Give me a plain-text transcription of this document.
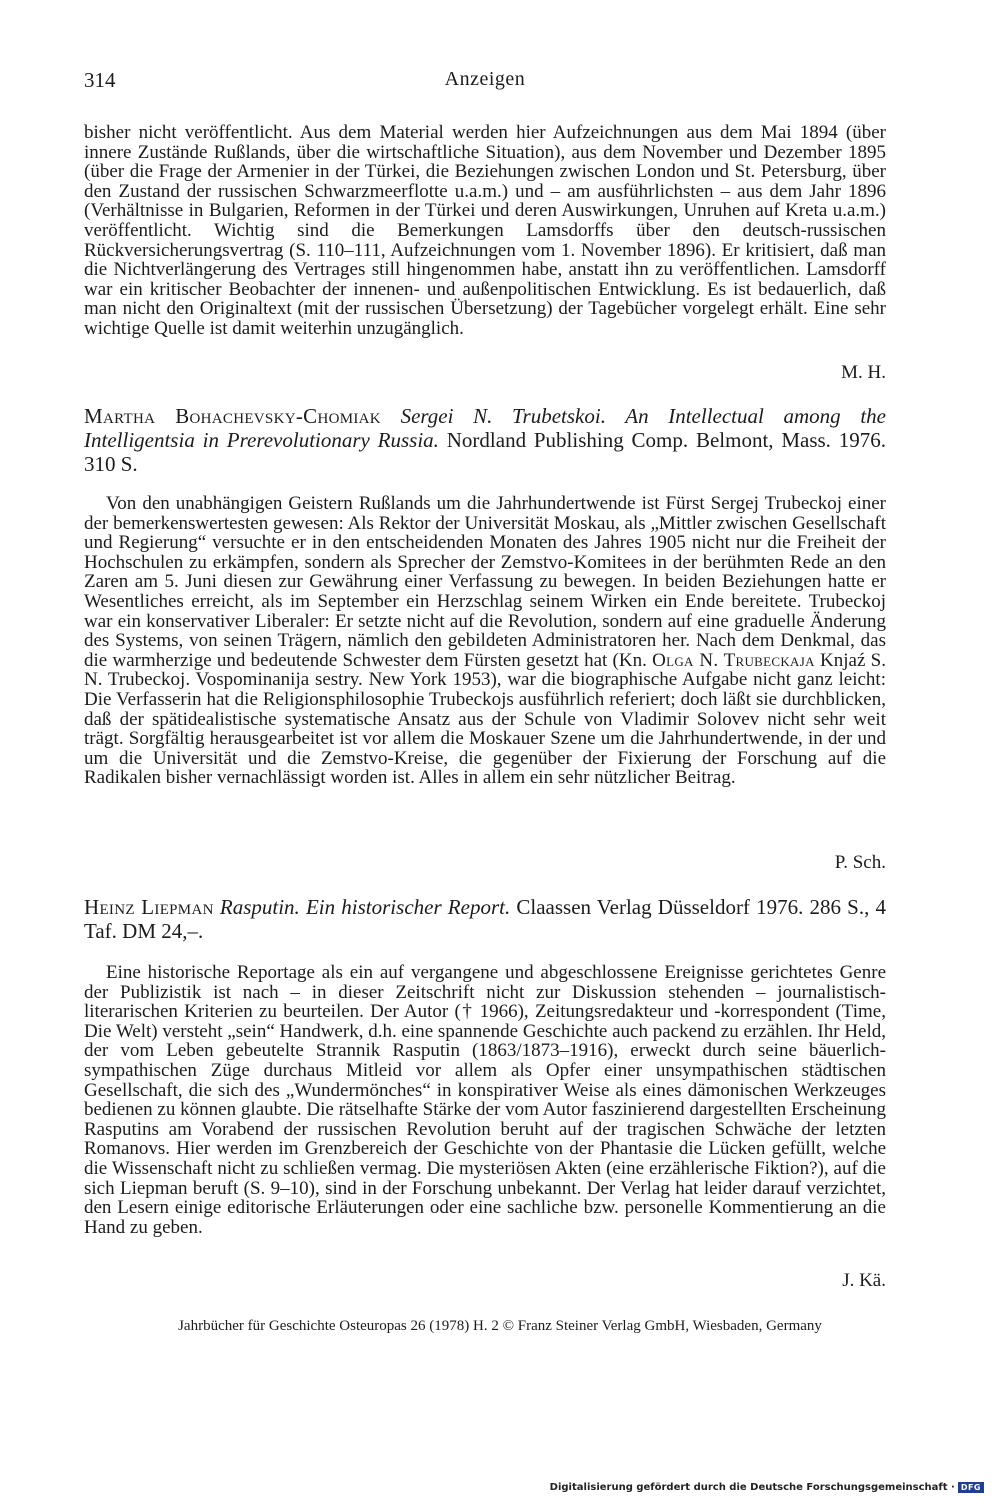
314	Anzeigen

bisher nicht veröffentlicht. Aus dem Material werden hier Aufzeichnungen aus dem Mai 1894 (über innere Zustände Rußlands, über die wirtschaftliche Situation), aus dem November und Dezember 1895 (über die Frage der Armenier in der Türkei, die Beziehungen zwischen London und St. Petersburg, über den Zustand der russischen Schwarzmeerflotte u.a.m.) und – am ausführlichsten – aus dem Jahr 1896 (Verhältnisse in Bulgarien, Reformen in der Türkei und deren Auswirkungen, Unruhen auf Kreta u.a.m.) veröffentlicht. Wichtig sind die Bemerkungen Lamsdorffs über den deutsch-russischen Rückversicherungsvertrag (S. 110–111, Aufzeichnungen vom 1. November 1896). Er kritisiert, daß man die Nichtverlängerung des Vertrages still hingenommen habe, anstatt ihn zu veröffentlichen. Lamsdorff war ein kritischer Beobachter der innenen- und außenpolitischen Entwicklung. Es ist bedauerlich, daß man nicht den Originaltext (mit der russischen Übersetzung) der Tagebücher vorgelegt erhält. Eine sehr wichtige Quelle ist damit weiterhin unzugänglich.

M. H.

Martha Bohachevsky-Chomiak Sergei N. Trubetskoi. An Intellectual among the Intelligentsia in Prerevolutionary Russia. Nordland Publishing Comp. Belmont, Mass. 1976. 310 S.

Von den unabhängigen Geistern Rußlands um die Jahrhundertwende ist Fürst Sergej Trubeckoj einer der bemerkenswertesten gewesen: Als Rektor der Universität Moskau, als „Mittler zwischen Gesellschaft und Regierung“ versuchte er in den entscheidenden Monaten des Jahres 1905 nicht nur die Freiheit der Hochschulen zu erkämpfen, sondern als Sprecher der Zemstvo-Komitees in der berühmten Rede an den Zaren am 5. Juni diesen zur Gewährung einer Verfassung zu bewegen. In beiden Beziehungen hatte er Wesentliches erreicht, als im September ein Herzschlag seinem Wirken ein Ende bereitete. Trubeckoj war ein konservativer Liberaler: Er setzte nicht auf die Revolution, sondern auf eine graduelle Änderung des Systems, von seinen Trägern, nämlich den gebildeten Administratoren her. Nach dem Denkmal, das die warmherzige und bedeutende Schwester dem Fürsten gesetzt hat (Kn. Olga N. Trubeckaja Knjaź S. N. Trubeckoj. Vospominanija sestry. New York 1953), war die biographische Aufgabe nicht ganz leicht: Die Verfasserin hat die Religionsphilosophie Trubeckojs ausführlich referiert; doch läßt sie durchblicken, daß der spätidealistische systematische Ansatz aus der Schule von Vladimir Solovev nicht sehr weit trägt. Sorgfältig herausgearbeitet ist vor allem die Moskauer Szene um die Jahrhundertwende, in der und um die Universität und die Zemstvo-Kreise, die gegenüber der Fixierung der Forschung auf die Radikalen bisher vernachlässigt worden ist. Alles in allem ein sehr nützlicher Beitrag.

P. Sch.

Heinz Liepman Rasputin. Ein historischer Report. Claassen Verlag Düsseldorf 1976. 286 S., 4 Taf. DM 24,–.

Eine historische Reportage als ein auf vergangene und abgeschlossene Ereignisse gerichtetes Genre der Publizistik ist nach – in dieser Zeitschrift nicht zur Diskussion stehenden – journalistisch-literarischen Kriterien zu beurteilen. Der Autor († 1966), Zeitungsredakteur und -korrespondent (Time, Die Welt) versteht „sein“ Handwerk, d.h. eine spannende Geschichte auch packend zu erzählen. Ihr Held, der vom Leben gebeutelte Strannik Rasputin (1863/1873–1916), erweckt durch seine bäuerlich-sympathischen Züge durchaus Mitleid vor allem als Opfer einer unsympathischen städtischen Gesellschaft, die sich des „Wundermönches“ in konspirativer Weise als eines dämonischen Werkzeuges bedienen zu können glaubte. Die rätselhafte Stärke der vom Autor faszinierend dargestellten Erscheinung Rasputins am Vorabend der russischen Revolution beruht auf der tragischen Schwäche der letzten Romanovs. Hier werden im Grenzbereich der Geschichte von der Phantasie die Lücken gefüllt, welche die Wissenschaft nicht zu schließen vermag. Die mysteriösen Akten (eine erzählerische Fiktion?), auf die sich Liepman beruft (S. 9–10), sind in der Forschung unbekannt. Der Verlag hat leider darauf verzichtet, den Lesern einige editorische Erläuterungen oder eine sachliche bzw. personelle Kommentierung an die Hand zu geben.

J. Kä.
Jahrbücher für Geschichte Osteuropas 26 (1978) H. 2 © Franz Steiner Verlag GmbH, Wiesbaden, Germany
Digitalisierung gefördert durch die Deutsche Forschungsgemeinschaft · DFG
